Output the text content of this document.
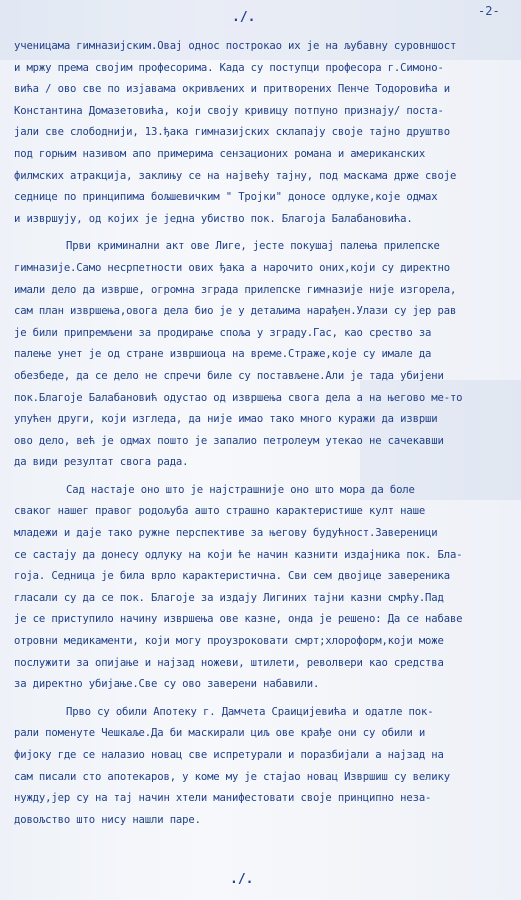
./.	-2-
ученицама гимназијским.Овај однос построкао их је на љубавну суровншост
и мржу према својим професорима. Када су поступци професора г.Симоно-
вића / ово све по изјавама окривљених и притворених Пенче Тодоровића и
Константина Домазетовића, који своју кривицу потпуно признају/ поста-
јали све слободнији, 13.ђака гимназијских склапају своје тајно друштво
под горњим називом апо примерима сензационих романа и американских
филмских атракција, заклињу се на највећу тајну, под маскама држе своје
седнице по принципима бољшевичким " Тројки" доносе одлуке,које одмах
и извршују, од којих је једна убиство пок. Благоја Балабановића.
Први криминални акт ове Лиге, јесте покушај палења прилепске
гимназије.Само несрпетности ових ђака а нарочито оних,који су директно
имали дело да изврше, огромна зграда прилепске гимназије није изгорела,
сам план извршења,овога дела био је у детаљима нарађен.Улази су јер рав
је били припремљени за продирање споља у зграду.Гас, као срество за
палење унет је од стране извршиоца на време.Страже,које су имале да
обезбеде, да се дело не спречи биле су постављене.Али је тада убијени
пок.Благоје Балабановић одустао од извршења свога дела а на његово ме-то
упућен други, који изгледа, да није имао тако много куражи да изврши
ово дело, већ је одмах пошто је запалио петролеум утекао не сачекавши
да види резултат свога рада.
Сад настаје оно што је најстрашније оно што мора да боле
сваког нашег правог родољуба ашто страшно карактеристише култ наше
младежи и даје тако ружне перспективе за његову будућност.Завереници
се састају да донесу одлуку на који ће начин казнити издајника пок. Бла-
гоја. Седница је била врло карактеристична. Сви сем двојице завереника
гласали су да се пок. Благоје за издају Лигиних тајни казни смрћу.Пад
је се приступило начину извршења ове казне, онда је решено: Да се набаве
отровни медикаменти, који могу проузроковати смрт;хлороформ,који може
послужити за опијање и најзад ножеви, штилети, револвери као средства
за директно убијање.Све су ово заверени набавили.
Прво су обили Апотеку г. Дамчета Сраицијевића и одатле пок-
рали поменуте Чешкаље.Да би маскирали циљ ове крађе они су обили и
фијоку где се налазио новац све испретурали и поразбијали а најзад на
сам писали сто апотекаров, у коме му је стајао новац Извршиш су велику
нужду,јер су на тај начин хтели манифестовати своје принципно неза-
довољство што нису нашли паре.
./.
